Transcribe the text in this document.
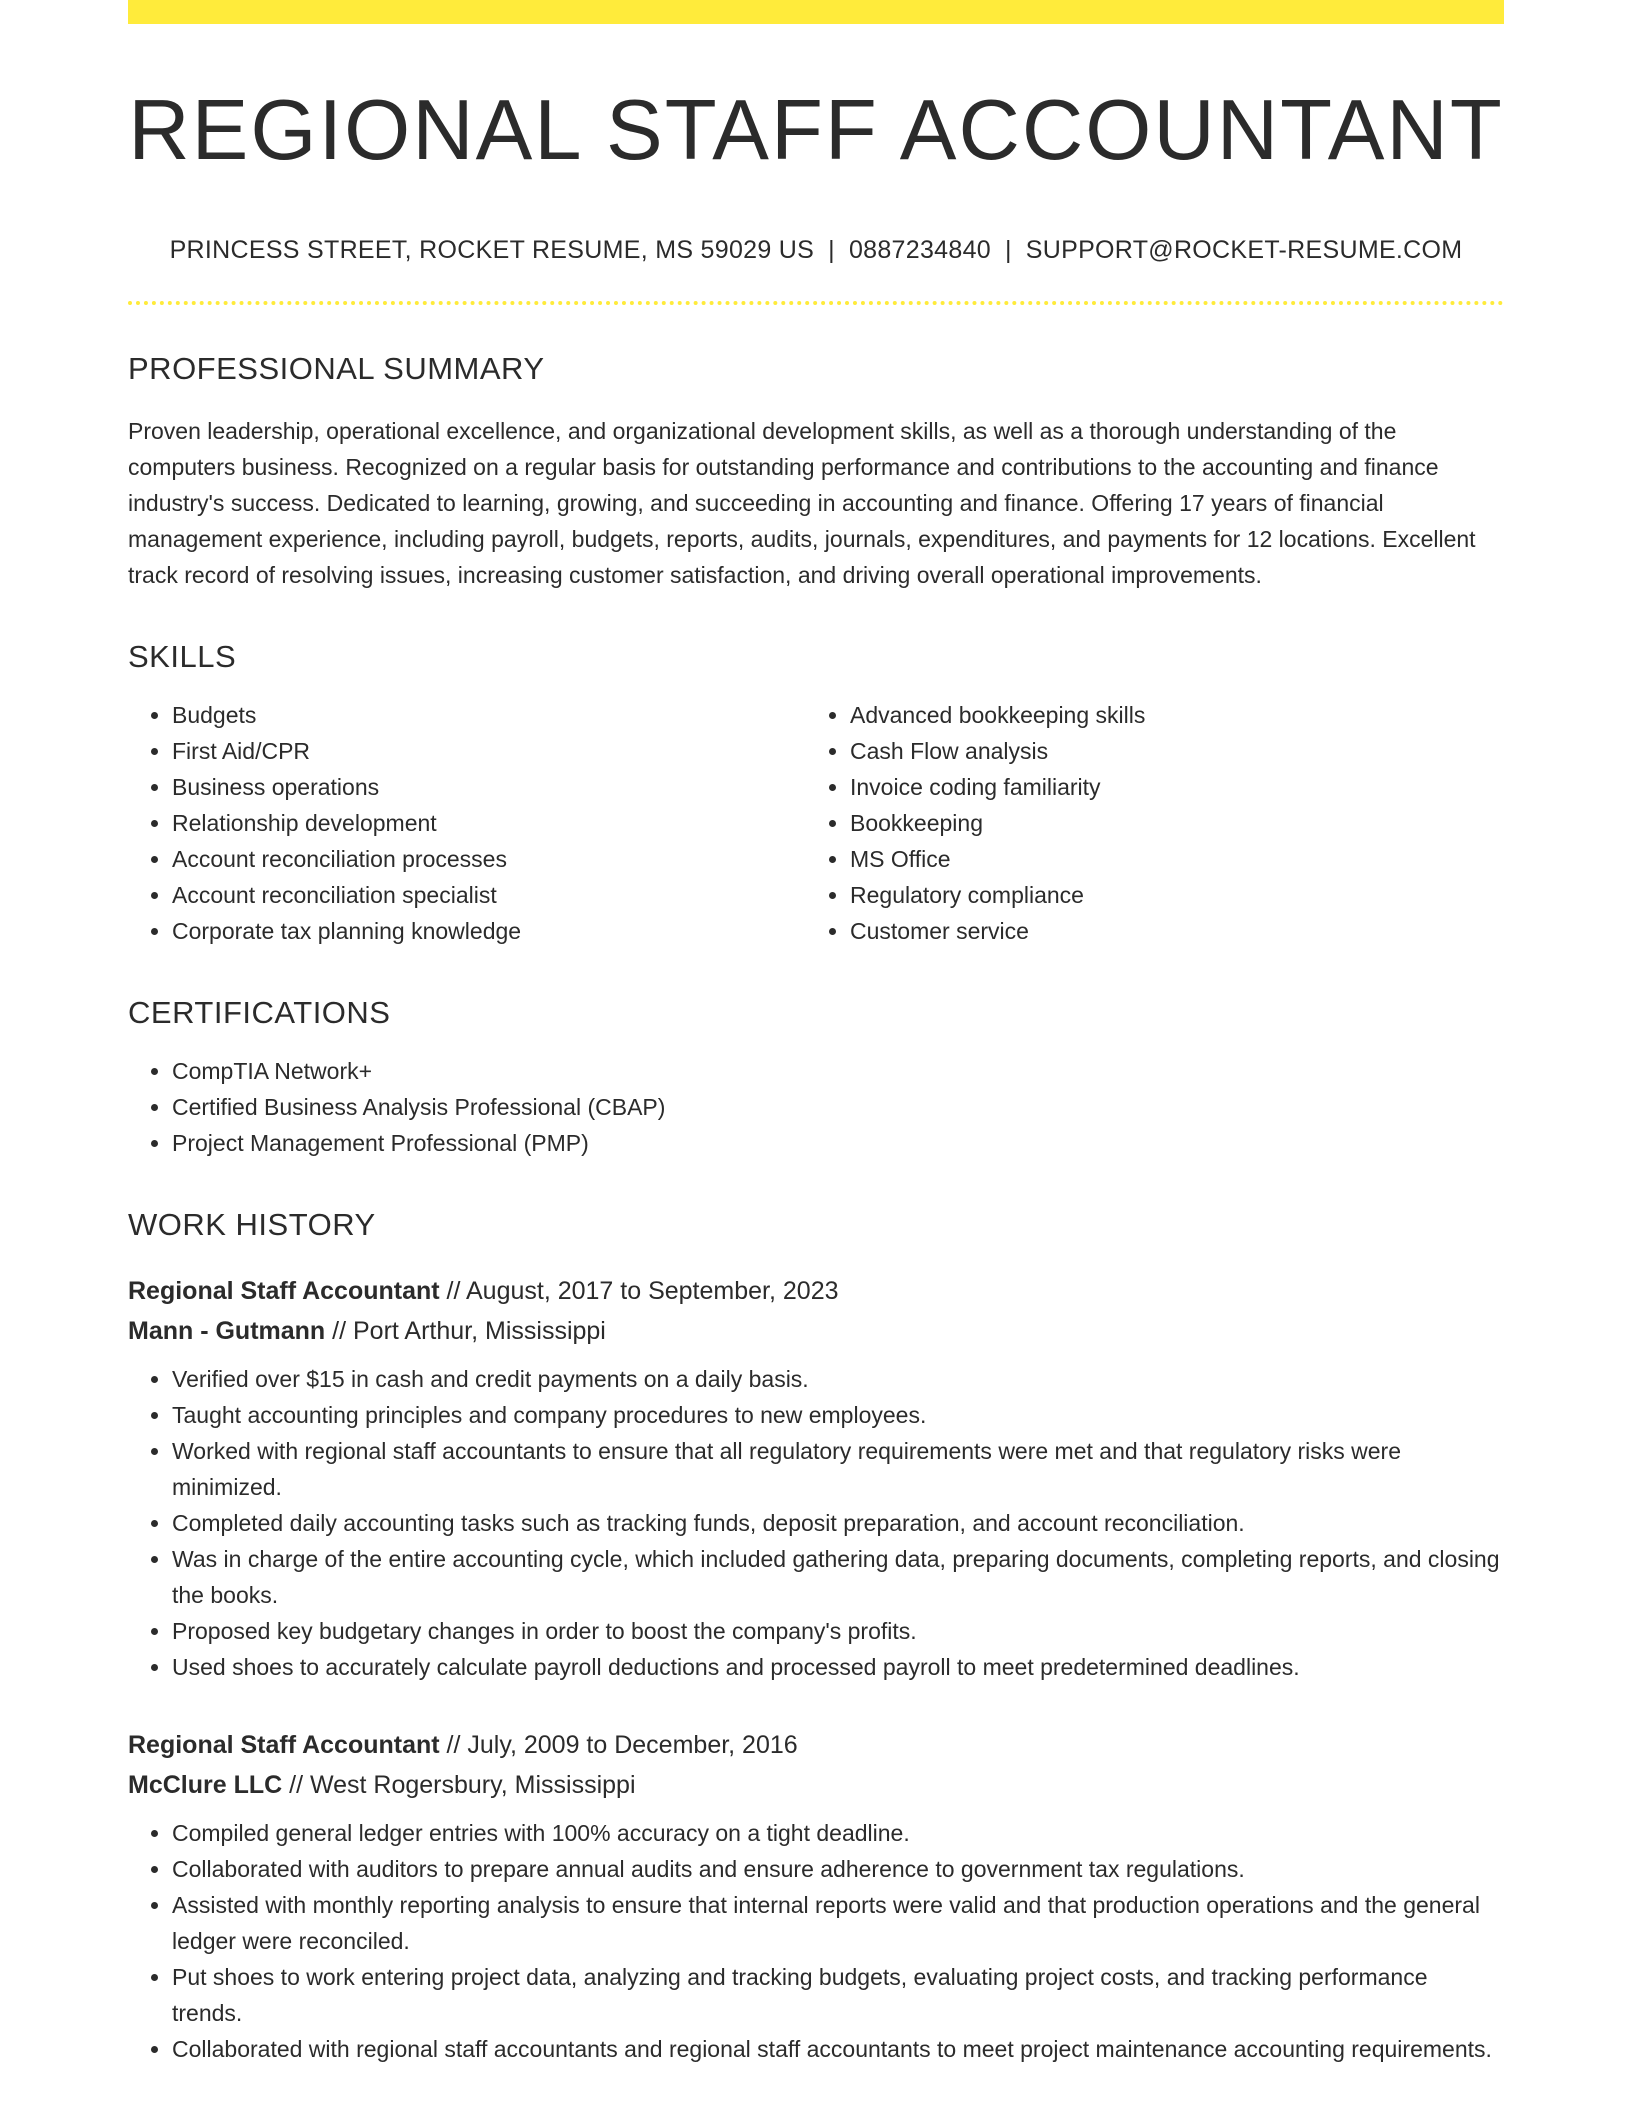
REGIONAL STAFF ACCOUNTANT
PRINCESS STREET, ROCKET RESUME, MS 59029 US | 0887234840 | SUPPORT@ROCKET-RESUME.COM
PROFESSIONAL SUMMARY

Proven leadership, operational excellence, and organizational development skills, as well as a thorough understanding of the computers business. Recognized on a regular basis for outstanding performance and contributions to the accounting and finance industry's success. Dedicated to learning, growing, and succeeding in accounting and finance. Offering 17 years of financial management experience, including payroll, budgets, reports, audits, journals, expenditures, and payments for 12 locations. Excellent track record of resolving issues, increasing customer satisfaction, and driving overall operational improvements.

SKILLS
• Budgets
• First Aid/CPR
• Business operations
• Relationship development
• Account reconciliation processes
• Account reconciliation specialist
• Corporate tax planning knowledge
• Advanced bookkeeping skills
• Cash Flow analysis
• Invoice coding familiarity
• Bookkeeping
• MS Office
• Regulatory compliance
• Customer service
CERTIFICATIONS
• CompTIA Network+
• Certified Business Analysis Professional (CBAP)
• Project Management Professional (PMP)
WORK HISTORY
Regional Staff Accountant // August, 2017 to September, 2023
Mann - Gutmann // Port Arthur, Mississippi
• Verified over $15 in cash and credit payments on a daily basis.
• Taught accounting principles and company procedures to new employees.
• Worked with regional staff accountants to ensure that all regulatory requirements were met and that regulatory risks were minimized.
• Completed daily accounting tasks such as tracking funds, deposit preparation, and account reconciliation.
• Was in charge of the entire accounting cycle, which included gathering data, preparing documents, completing reports, and closing the books.
• Proposed key budgetary changes in order to boost the company's profits.
• Used shoes to accurately calculate payroll deductions and processed payroll to meet predetermined deadlines.
Regional Staff Accountant // July, 2009 to December, 2016
McClure LLC // West Rogersbury, Mississippi
• Compiled general ledger entries with 100% accuracy on a tight deadline.
• Collaborated with auditors to prepare annual audits and ensure adherence to government tax regulations.
• Assisted with monthly reporting analysis to ensure that internal reports were valid and that production operations and the general ledger were reconciled.
• Put shoes to work entering project data, analyzing and tracking budgets, evaluating project costs, and tracking performance trends.
• Collaborated with regional staff accountants and regional staff accountants to meet project maintenance accounting requirements.
